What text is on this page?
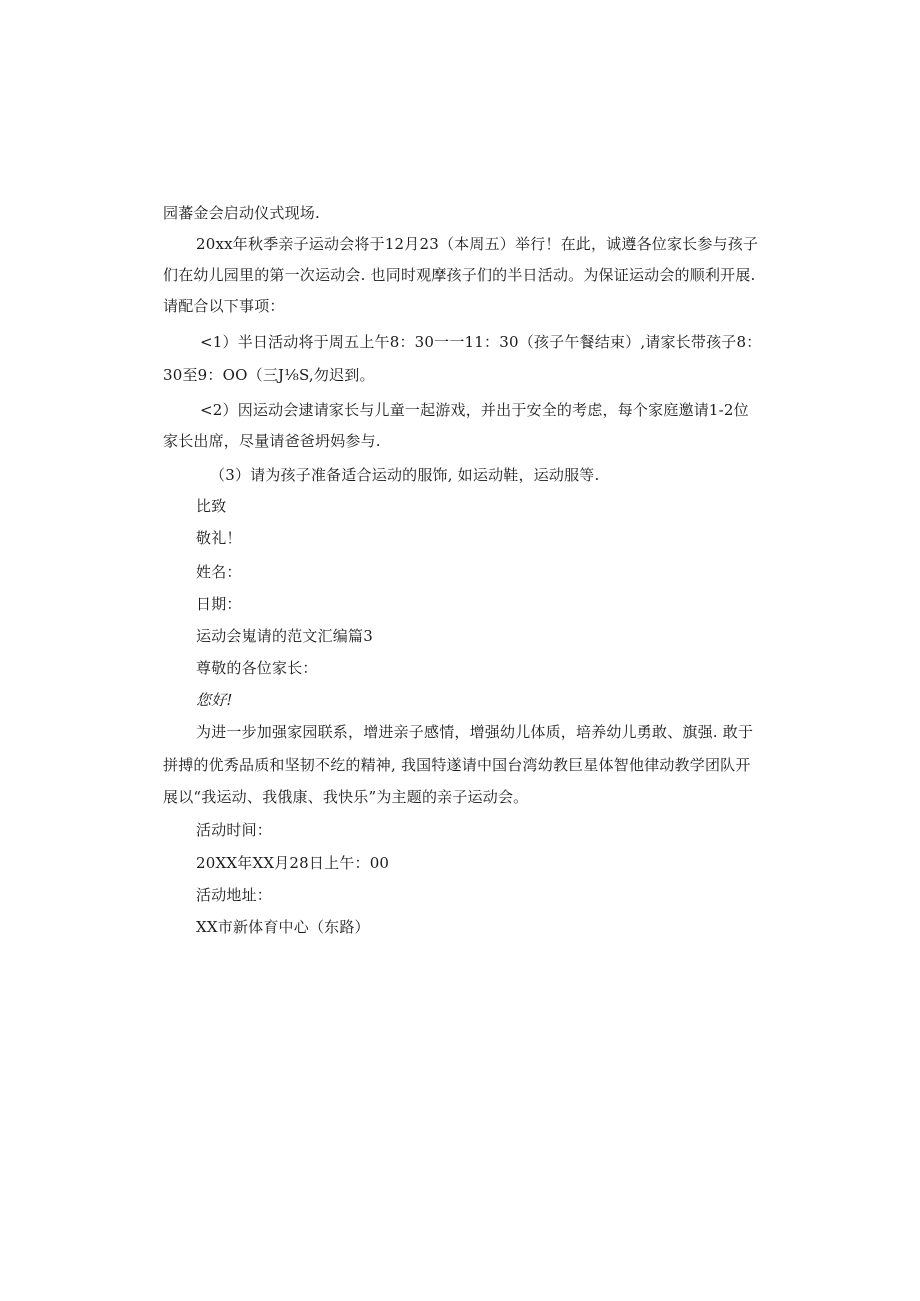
园蕃金会启动仪式现场.
20xx年秋季亲子运动会将于12月23（本周五）举行！在此，诚遵各位家长参与孩子
们在幼儿园里的第一次运动会. 也同时观摩孩子们的半日活动。为保证运动会的顺利开展.
请配合以下事项：
<1）半日活动将于周五上午8：30一一11：30（孩子午餐结束）,请家长带孩子8：
30至9：OO（三J⅛S,勿迟到。
<2）因运动会逮请家长与儿童一起游戏，并出于安全的考虑，每个家庭邀请1-2位
家长出席，尽量请爸爸坍妈参与.
（3）请为孩子准备适合运动的服饰, 如运动鞋，运动服等.
比致
敬礼！
姓名：
日期：
运动会嵬请的范文汇编篇3
尊敬的各位家长：
您好!
为进一步加强家园联系，增进亲子感情，增强幼儿体质，培养幼儿勇敢、旗强. 敢于
拼搏的优秀品质和坚韧不纥的精神, 我国特遂请中国台湾幼教巨星体智他律动教学团队开
展以“我运动、我俄康、我快乐”为主题的亲子运动会。
活动时间：
20XX年XX月28日上午：00
活动地址：
XX市新体育中心（东路）
